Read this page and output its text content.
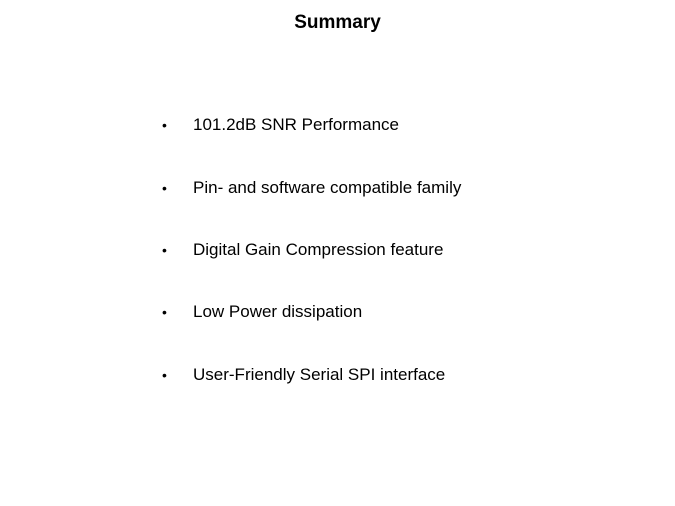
Summary
• 101.2dB SNR Performance
• Pin- and software compatible family
• Digital Gain Compression feature
• Low Power dissipation
• User-Friendly Serial SPI interface
